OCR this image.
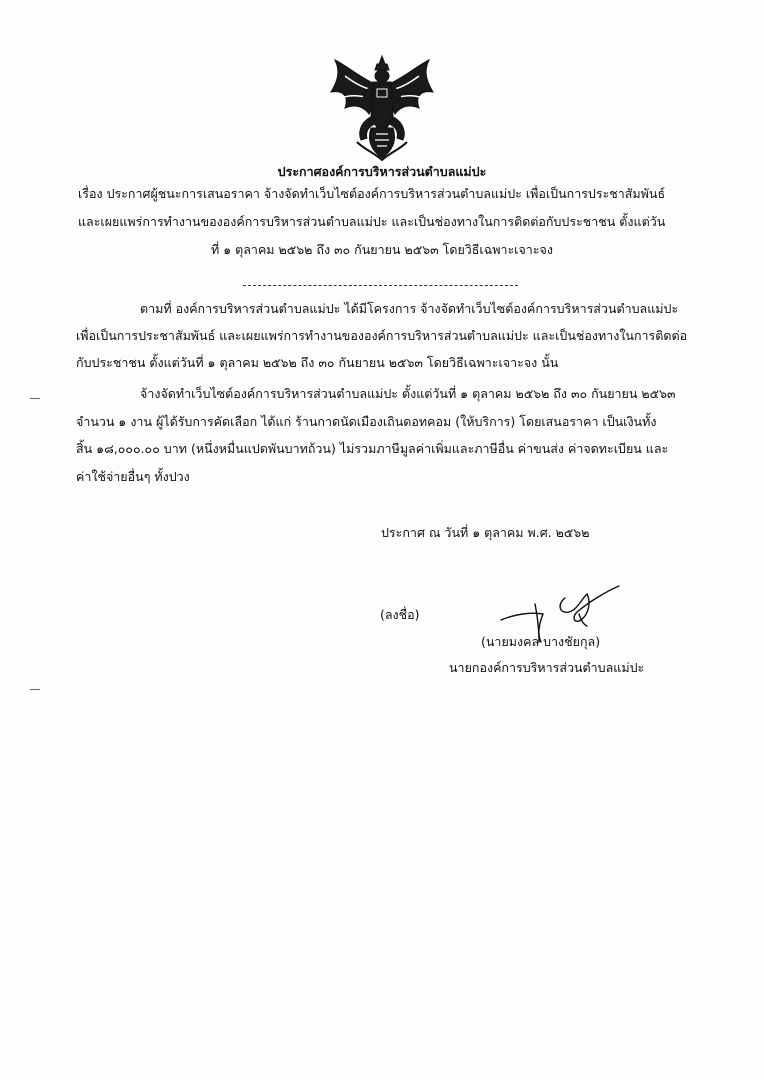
ประกาศองค์การบริหารส่วนตำบลแม่ปะ
เรื่อง ประกาศผู้ชนะการเสนอราคา จ้างจัดทำเว็บไซต์องค์การบริหารส่วนตำบลแม่ปะ เพื่อเป็นการประชาสัมพันธ์
และเผยแพร่การทำงานขององค์การบริหารส่วนตำบลแม่ปะ และเป็นช่องทางในการติดต่อกับประชาชน ตั้งแต่วัน
ที่ ๑ ตุลาคม ๒๕๖๒ ถึง ๓๐ กันยายน ๒๕๖๓ โดยวิธีเฉพาะเจาะจง
ตามที่ องค์การบริหารส่วนตำบลแม่ปะ ได้มีโครงการ จ้างจัดทำเว็บไซต์องค์การบริหารส่วนตำบลแม่ปะ
เพื่อเป็นการประชาสัมพันธ์ และเผยแพร่การทำงานขององค์การบริหารส่วนตำบลแม่ปะ และเป็นช่องทางในการติดต่อ
กับประชาชน ตั้งแต่วันที่ ๑ ตุลาคม ๒๕๖๒ ถึง ๓๐ กันยายน ๒๕๖๓ โดยวิธีเฉพาะเจาะจง นั้น
จ้างจัดทำเว็บไซต์องค์การบริหารส่วนตำบลแม่ปะ ตั้งแต่วันที่ ๑ ตุลาคม ๒๕๖๒ ถึง ๓๐ กันยายน ๒๕๖๓
จำนวน ๑ งาน ผู้ได้รับการคัดเลือก ได้แก่ ร้านกาดนัดเมืองเถินดอทคอม (ให้บริการ) โดยเสนอราคา เป็นเงินทั้ง
สิ้น ๑๘,๐๐๐.๐๐ บาท (หนึ่งหมื่นแปดพันบาทถ้วน) ไม่รวมภาษีมูลค่าเพิ่มและภาษีอื่น ค่าขนส่ง ค่าจดทะเบียน และ
ค่าใช้จ่ายอื่นๆ ทั้งปวง
ประกาศ ณ วันที่ ๑ ตุลาคม พ.ศ. ๒๕๖๒
(ลงชื่อ)
(นายมงคล บางชัยกุล)
นายกองค์การบริหารส่วนตำบลแม่ปะ
